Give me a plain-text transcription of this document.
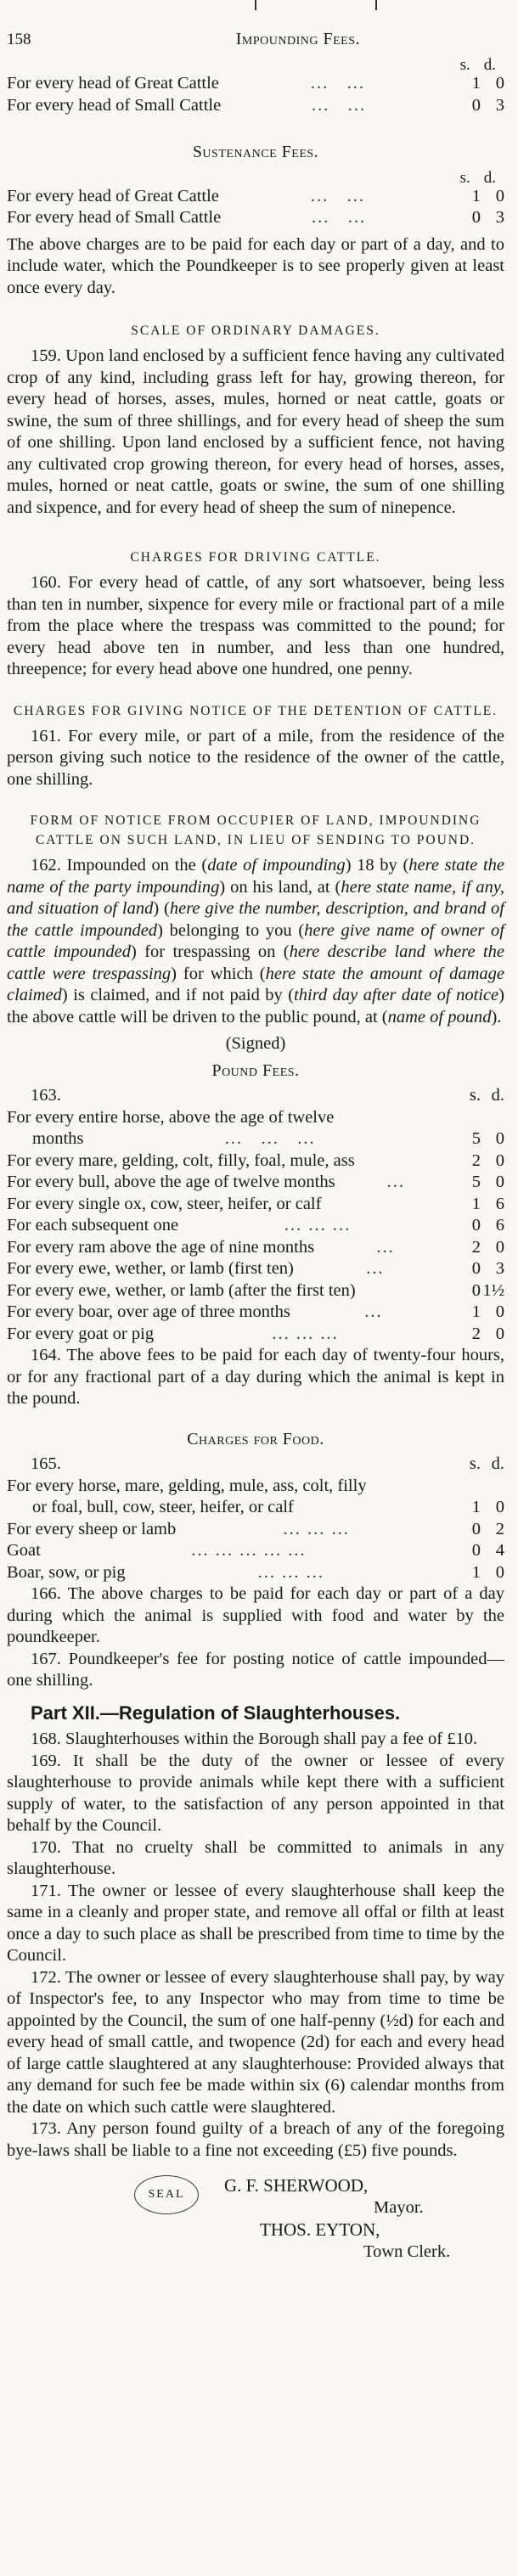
158	Impounding Fees.
s. d.
For every head of Great Cattle	... ...	1 0
For every head of Small Cattle	... ...	0 3
Sustenance Fees.
s. d.
For every head of Great Cattle	... ...	1 0
For every head of Small Cattle	... ...	0 3

The above charges are to be paid for each day or part of a day, and to include water, which the Poundkeeper is to see properly given at least once every day.

SCALE OF ORDINARY DAMAGES.

159. Upon land enclosed by a sufficient fence having any cultivated crop of any kind, including grass left for hay, growing thereon, for every head of horses, asses, mules, horned or neat cattle, goats or swine, the sum of three shillings, and for every head of sheep the sum of one shilling. Upon land enclosed by a sufficient fence, not having any cultivated crop growing thereon, for every head of horses, asses, mules, horned or neat cattle, goats or swine, the sum of one shilling and sixpence, and for every head of sheep the sum of ninepence.

CHARGES FOR DRIVING CATTLE.

160. For every head of cattle, of any sort whatsoever, being less than ten in number, sixpence for every mile or fractional part of a mile from the place where the trespass was committed to the pound; for every head above ten in number, and less than one hundred, threepence; for every head above one hundred, one penny.

CHARGES FOR GIVING NOTICE OF THE DETENTION OF CATTLE.

161. For every mile, or part of a mile, from the residence of the person giving such notice to the residence of the owner of the cattle, one shilling.

FORM OF NOTICE FROM OCCUPIER OF LAND, IMPOUNDING CATTLE ON SUCH LAND, IN LIEU OF SENDING TO POUND.

162. Impounded on the (date of impounding) 18 by (here state the name of the party impounding) on his land, at (here state name, if any, and situation of land) (here give the number, description, and brand of the cattle impounded) belonging to you (here give name of owner of cattle impounded) for trespassing on (here describe land where the cattle were trespassing) for which (here state the amount of damage claimed) is claimed, and if not paid by (third day after date of notice) the above cattle will be driven to the public pound, at (name of pound).

(Signed)
Pound Fees.
163.	s. d.
For every entire horse, above the age of twelve
months	... ... ...	5 0
For every mare, gelding, colt, filly, foal, mule, ass	2 0
For every bull, above the age of twelve months	...	5 0
For every single ox, cow, steer, heifer, or calf	1 6
For each subsequent one	... ... ...	0 6
For every ram above the age of nine months	...	2 0
For every ewe, wether, or lamb (first ten)	...	0 3
For every ewe, wether, or lamb (after the first ten)	0 1½
For every boar, over age of three months	...	1 0
For every goat or pig	... ... ...	2 0

164. The above fees to be paid for each day of twenty-four hours, or for any fractional part of a day during which the animal is kept in the pound.

Charges for Food.
165.	s. d.
For every horse, mare, gelding, mule, ass, colt, filly
or foal, bull, cow, steer, heifer, or calf	1 0
For every sheep or lamb	... ... ...	0 2
Goat	... ... ... ... ...	0 4
Boar, sow, or pig	... ... ...	1 0

166. The above charges to be paid for each day or part of a day during which the animal is supplied with food and water by the poundkeeper.

167. Poundkeeper's fee for posting notice of cattle impounded—one shilling.

Part XII.—Regulation of Slaughterhouses.

168. Slaughterhouses within the Borough shall pay a fee of £10.

169. It shall be the duty of the owner or lessee of every slaughterhouse to provide animals while kept there with a sufficient supply of water, to the satisfaction of any person appointed in that behalf by the Council.

170. That no cruelty shall be committed to animals in any slaughterhouse.

171. The owner or lessee of every slaughterhouse shall keep the same in a cleanly and proper state, and remove all offal or filth at least once a day to such place as shall be prescribed from time to time by the Council.

172. The owner or lessee of every slaughterhouse shall pay, by way of Inspector's fee, to any Inspector who may from time to time be appointed by the Council, the sum of one half-penny (½d) for each and every head of small cattle, and twopence (2d) for each and every head of large cattle slaughtered at any slaughterhouse: Provided always that any demand for such fee be made within six (6) calendar months from the date on which such cattle were slaughtered.

173. Any person found guilty of a breach of any of the foregoing bye-laws shall be liable to a fine not exceeding (£5) five pounds.

SEAL	G. F. SHERWOOD,
Mayor.
THOS. EYTON,
Town Clerk.
